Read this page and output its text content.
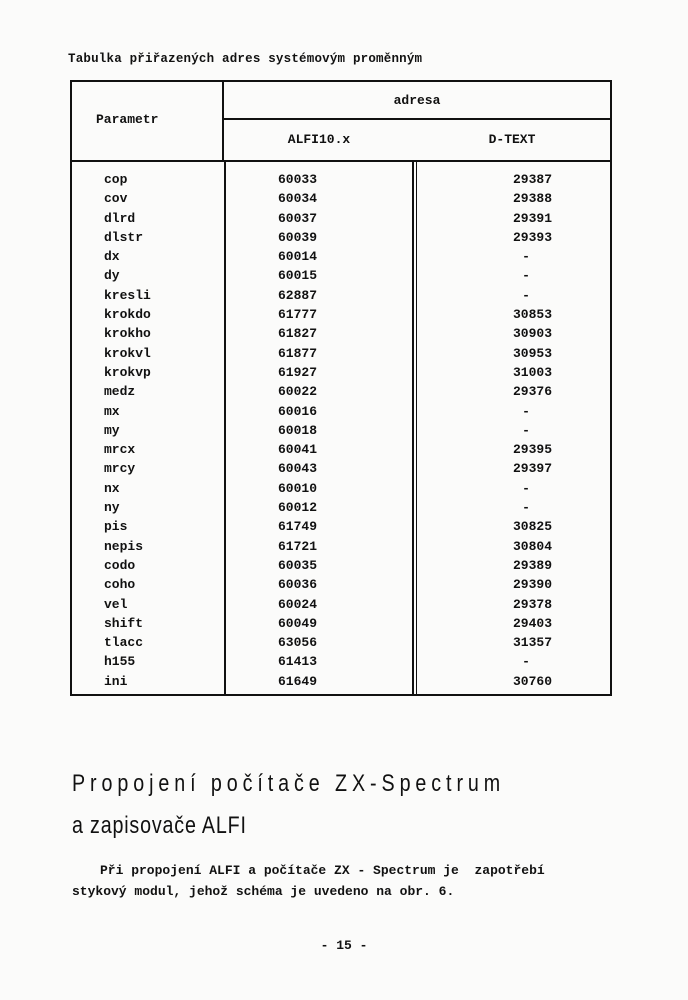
Tabulka přiřazených adres systémovým proměnným
Parametr
adresa
ALFI10.x	D-TEXT
cop	60033	29387
cov	60034	29388
dlrd	60037	29391
dlstr	60039	29393
dx	60014	-
dy	60015	-
kresli	62887	-
krokdo	61777	30853
krokho	61827	30903
krokvl	61877	30953
krokvp	61927	31003
medz	60022	29376
mx	60016	-
my	60018	-
mrcx	60041	29395
mrcy	60043	29397
nx	60010	-
ny	60012	-
pis	61749	30825
nepis	61721	30804
codo	60035	29389
coho	60036	29390
vel	60024	29378
shift	60049	29403
tlacc	63056	31357
h155	61413	-
ini	61649	30760
Propojení počítače ZX-Spectrum
a zapisovače ALFI
Při propojení ALFI a počítače ZX - Spectrum je  zapotřebí
stykový modul, jehož schéma je uvedeno na obr. 6.
- 15 -
